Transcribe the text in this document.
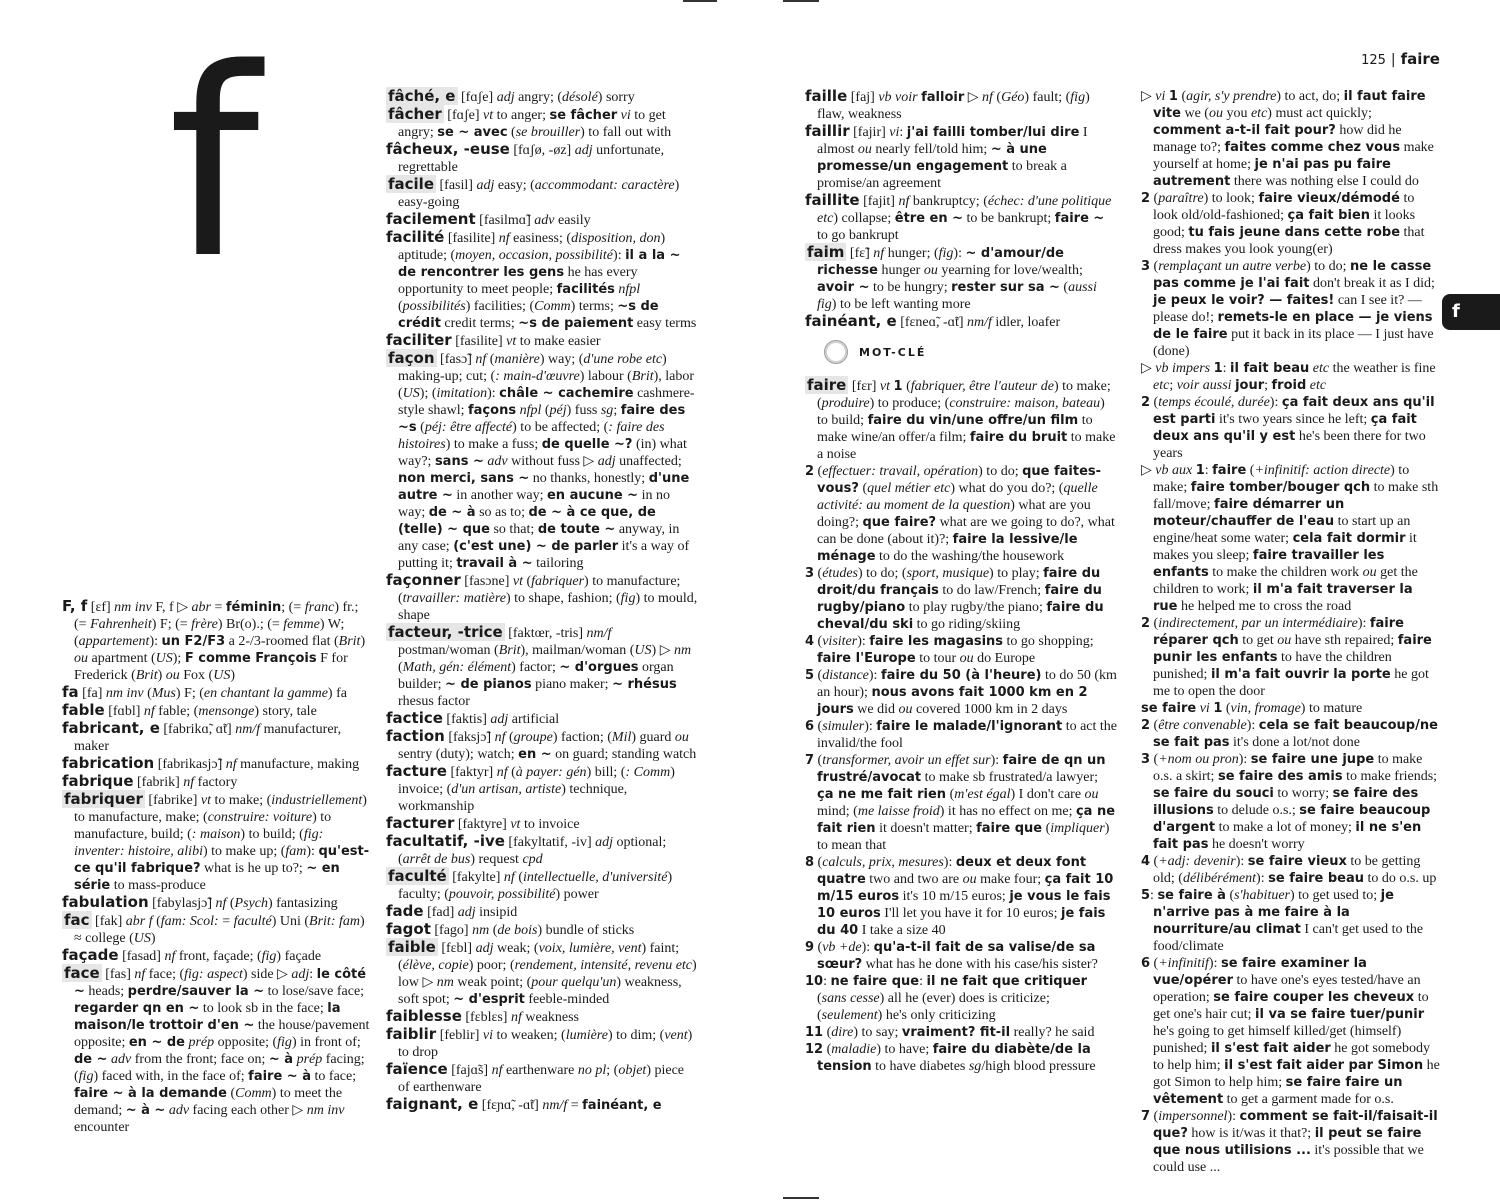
f	125 | faire
f

F, f [ɛf] nm inv F, f ▷ abr = féminin; (= franc) fr.; (= Fahrenheit) F; (= frère) Br(o).; (= femme) W; (appartement): un F2/F3 a 2-/3-roomed flat (Brit) ou apartment (US); F comme François F for Frederick (Brit) ou Fox (US)

fa [fa] nm inv (Mus) F; (en chantant la gamme) fa

fable [fɑbl] nf fable; (mensonge) story, tale

fabricant, e [fabrikɑ̃, ɑ̃t] nm/f manufacturer, maker

fabrication [fabrikasjɔ̃] nf manufacture, making

fabrique [fabrik] nf factory

fabriquer [fabrike] vt to make; (industriellement) to manufacture, make; (construire: voiture) to manufacture, build; (: maison) to build; (fig: inventer: histoire, alibi) to make up; (fam): qu'est-ce qu'il fabrique? what is he up to?; ~ en série to mass-produce

fabulation [fabylasjɔ̃] nf (Psych) fantasizing

fac [fak] abr f (fam: Scol: = faculté) Uni (Brit: fam) ≈ college (US)

façade [fasad] nf front, façade; (fig) façade

face [fas] nf face; (fig: aspect) side ▷ adj: le côté ~ heads; perdre/sauver la ~ to lose/save face; regarder qn en ~ to look sb in the face; la maison/le trottoir d'en ~ the house/pavement opposite; en ~ de prép opposite; (fig) in front of; de ~ adv from the front; face on; ~ à prép facing; (fig) faced with, in the face of; faire ~ à to face; faire ~ à la demande (Comm) to meet the demand; ~ à ~ adv facing each other ▷ nm inv encounter

fâché, e [fɑʃe] adj angry; (désolé) sorry

fâcher [fɑʃe] vt to anger; se fâcher vi to get angry; se ~ avec (se brouiller) to fall out with

fâcheux, -euse [fɑʃø, -øz] adj unfortunate, regrettable

facile [fasil] adj easy; (accommodant: caractère) easy-going

facilement [fasilmɑ̃] adv easily

facilité [fasilite] nf easiness; (disposition, don) aptitude; (moyen, occasion, possibilité): il a la ~ de rencontrer les gens he has every opportunity to meet people; facilités nfpl (possibilités) facilities; (Comm) terms; ~s de crédit credit terms; ~s de paiement easy terms

faciliter [fasilite] vt to make easier

façon [fasɔ̃] nf (manière) way; (d'une robe etc) making-up; cut; (: main-d'œuvre) labour (Brit), labor (US); (imitation): châle ~ cachemire cashmere-style shawl; façons nfpl (péj) fuss sg; faire des ~s (péj: être affecté) to be affected; (: faire des histoires) to make a fuss; de quelle ~? (in) what way?; sans ~ adv without fuss ▷ adj unaffected; non merci, sans ~ no thanks, honestly; d'une autre ~ in another way; en aucune ~ in no way; de ~ à so as to; de ~ à ce que, de (telle) ~ que so that; de toute ~ anyway, in any case; (c'est une) ~ de parler it's a way of putting it; travail à ~ tailoring

façonner [fasɔne] vt (fabriquer) to manufacture; (travailler: matière) to shape, fashion; (fig) to mould, shape

facteur, -trice [faktœr, -tris] nm/f postman/woman (Brit), mailman/woman (US) ▷ nm (Math, gén: élément) factor; ~ d'orgues organ builder; ~ de pianos piano maker; ~ rhésus rhesus factor

factice [faktis] adj artificial

faction [faksjɔ̃] nf (groupe) faction; (Mil) guard ou sentry (duty); watch; en ~ on guard; standing watch

facture [faktyr] nf (à payer: gén) bill; (: Comm) invoice; (d'un artisan, artiste) technique, workmanship

facturer [faktyre] vt to invoice

facultatif, -ive [fakyltatif, -iv] adj optional; (arrêt de bus) request cpd

faculté [fakylte] nf (intellectuelle, d'université) faculty; (pouvoir, possibilité) power

fade [fad] adj insipid

fagot [fago] nm (de bois) bundle of sticks

faible [fɛbl] adj weak; (voix, lumière, vent) faint; (élève, copie) poor; (rendement, intensité, revenu etc) low ▷ nm weak point; (pour quelqu'un) weakness, soft spot; ~ d'esprit feeble-minded

faiblesse [fɛblɛs] nf weakness

faiblir [feblir] vi to weaken; (lumière) to dim; (vent) to drop

faïence [fajɑ̃s] nf earthenware no pl; (objet) piece of earthenware

faignant, e [fɛɲɑ̃, -ɑ̃t] nm/f = fainéant, e

faille [faj] vb voir falloir ▷ nf (Géo) fault; (fig) flaw, weakness

faillir [fajir] vi: j'ai failli tomber/lui dire I almost ou nearly fell/told him; ~ à une promesse/un engagement to break a promise/an agreement

faillite [fajit] nf bankruptcy; (échec: d'une politique etc) collapse; être en ~ to be bankrupt; faire ~ to go bankrupt

faim [fɛ̃] nf hunger; (fig): ~ d'amour/de richesse hunger ou yearning for love/wealth; avoir ~ to be hungry; rester sur sa ~ (aussi fig) to be left wanting more

fainéant, e [fɛneɑ̃, -ɑ̃t] nm/f idler, loafer

MOT-CLÉ

faire [fɛr] vt 1 (fabriquer, être l'auteur de) to make; (produire) to produce; (construire: maison, bateau) to build; faire du vin/une offre/un film to make wine/an offer/a film; faire du bruit to make a noise

2 (effectuer: travail, opération) to do; que faites-vous? (quel métier etc) what do you do?; (quelle activité: au moment de la question) what are you doing?; que faire? what are we going to do?, what can be done (about it)?; faire la lessive/le ménage to do the washing/the housework

3 (études) to do; (sport, musique) to play; faire du droit/du français to do law/French; faire du rugby/piano to play rugby/the piano; faire du cheval/du ski to go riding/skiing

4 (visiter): faire les magasins to go shopping; faire l'Europe to tour ou do Europe

5 (distance): faire du 50 (à l'heure) to do 50 (km an hour); nous avons fait 1000 km en 2 jours we did ou covered 1000 km in 2 days

6 (simuler): faire le malade/l'ignorant to act the invalid/the fool

7 (transformer, avoir un effet sur): faire de qn un frustré/avocat to make sb frustrated/a lawyer; ça ne me fait rien (m'est égal) I don't care ou mind; (me laisse froid) it has no effect on me; ça ne fait rien it doesn't matter; faire que (impliquer) to mean that

8 (calculs, prix, mesures): deux et deux font quatre two and two are ou make four; ça fait 10 m/15 euros it's 10 m/15 euros; je vous le fais 10 euros I'll let you have it for 10 euros; je fais du 40 I take a size 40

9 (vb +de): qu'a-t-il fait de sa valise/de sa sœur? what has he done with his case/his sister?

10: ne faire que: il ne fait que critiquer (sans cesse) all he (ever) does is criticize; (seulement) he's only criticizing

11 (dire) to say; vraiment? fit-il really? he said

12 (maladie) to have; faire du diabète/de la tension to have diabetes sg/high blood pressure

▷ vi 1 (agir, s'y prendre) to act, do; il faut faire vite we (ou you etc) must act quickly; comment a-t-il fait pour? how did he manage to?; faites comme chez vous make yourself at home; je n'ai pas pu faire autrement there was nothing else I could do

2 (paraître) to look; faire vieux/démodé to look old/old-fashioned; ça fait bien it looks good; tu fais jeune dans cette robe that dress makes you look young(er)

3 (remplaçant un autre verbe) to do; ne le casse pas comme je l'ai fait don't break it as I did; je peux le voir? — faites! can I see it? — please do!; remets-le en place — je viens de le faire put it back in its place — I just have (done)

▷ vb impers 1: il fait beau etc the weather is fine etc; voir aussi jour; froid etc

2 (temps écoulé, durée): ça fait deux ans qu'il est parti it's two years since he left; ça fait deux ans qu'il y est he's been there for two years

▷ vb aux 1: faire (+infinitif: action directe) to make; faire tomber/bouger qch to make sth fall/move; faire démarrer un moteur/chauffer de l'eau to start up an engine/heat some water; cela fait dormir it makes you sleep; faire travailler les enfants to make the children work ou get the children to work; il m'a fait traverser la rue he helped me to cross the road

2 (indirectement, par un intermédiaire): faire réparer qch to get ou have sth repaired; faire punir les enfants to have the children punished; il m'a fait ouvrir la porte he got me to open the door

se faire vi 1 (vin, fromage) to mature

2 (être convenable): cela se fait beaucoup/ne se fait pas it's done a lot/not done

3 (+nom ou pron): se faire une jupe to make o.s. a skirt; se faire des amis to make friends; se faire du souci to worry; se faire des illusions to delude o.s.; se faire beaucoup d'argent to make a lot of money; il ne s'en fait pas he doesn't worry

4 (+adj: devenir): se faire vieux to be getting old; (délibérément): se faire beau to do o.s. up

5: se faire à (s'habituer) to get used to; je n'arrive pas à me faire à la nourriture/au climat I can't get used to the food/climate

6 (+infinitif): se faire examiner la vue/opérer to have one's eyes tested/have an operation; se faire couper les cheveux to get one's hair cut; il va se faire tuer/punir he's going to get himself killed/get (himself) punished; il s'est fait aider he got somebody to help him; il s'est fait aider par Simon he got Simon to help him; se faire faire un vêtement to get a garment made for o.s.

7 (impersonnel): comment se fait-il/faisait-il que? how is it/was it that?; il peut se faire que nous utilisions ... it's possible that we could use ...
